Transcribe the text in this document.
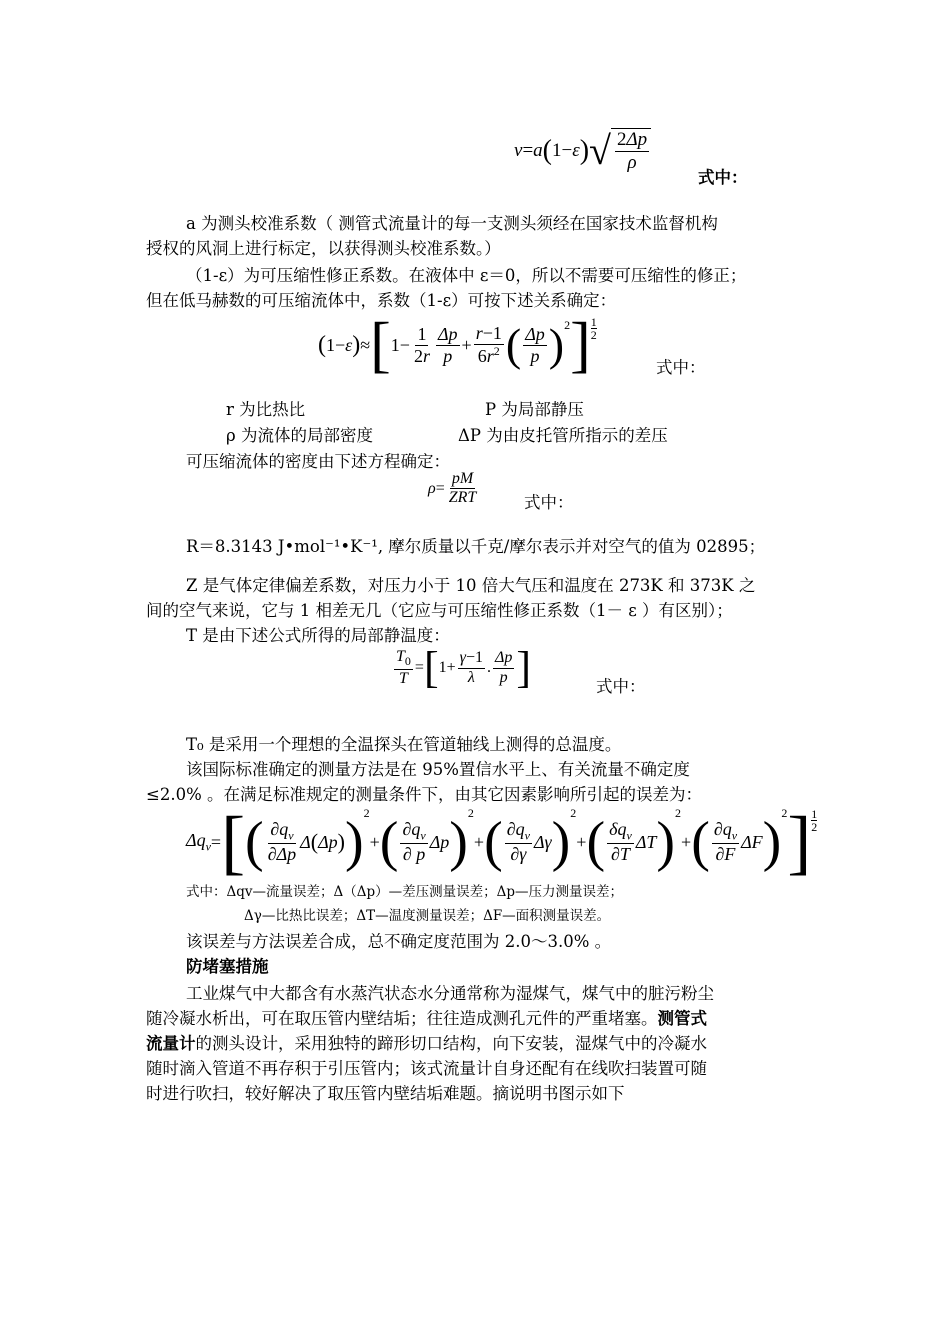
v = a ( 1− ε ) √ $\frac{2\Delta p}{\rho}$
式中：
a 为测头校准系数（ 测管式流量计的每一支测头须经在国家技术监督机构
授权的风洞上进行标定，以获得测头校准系数。）
（1-ε）为可压缩性修正系数。在液体中 ε＝0，所以不需要可压缩性的修正；
但在低马赫数的可压缩流体中，系数（1-ε）可按下述关系确定：
( 1− ε ) ≈ [ $1- \frac{1}{2r} \frac{\Delta p}{p} + \frac{r-1}{6r^2}$ ( $\frac{\Delta p}{p}$ ) 2 ] 1
2
式中：
r 为比热比	P 为局部静压
ρ 为流体的局部密度	ΔP 为由皮托管所指示的差压
可压缩流体的密度由下述方程确定：
$\rho = \frac{pM}{\text{ZRT}}$	式中：
R＝8.3143 J•mol⁻¹•K⁻¹, 摩尔质量以千克/摩尔表示并对空气的值为 02895；
Z 是气体定律偏差系数，对压力小于 10 倍大气压和温度在 273K 和 373K 之
间的空气来说，它与 1 相差无几（它应与可压缩性修正系数（1－ ε ）有区别）；
T 是由下述公式所得的局部静温度：
$\frac{T_0}{T}$ = [ $1+ \frac{\gamma-1}{\lambda}$ . $\frac{\Delta p}{p}$ ]	式中：
T₀ 是采用一个理想的全温探头在管道轴线上测得的总温度。
该国际标准确定的测量方法是在 95%置信水平上、有关流量不确定度
≤2.0% 。在满足标准规定的测量条件下，由其它因素影响所引起的误差为：
$\Delta q_v$ = [ ( $\frac{\partial q_v}{\partial\Delta p}$ Δ ( Δp ) ) 2
+ ( $\frac{\partial q_v}{\partial p}$ Δp ) 2
+ ( $\frac{\partial q_v}{\partial\gamma}$ Δγ ) 2
+ ( $\frac{\delta q_v}{\partial T}$ ΔT ) 2
+ ( $\frac{\partial q_v}{\partial F}$ ΔF ) 2 ] 1
2
式中：Δqv—流量误差；Δ（Δp）—差压测量误差；Δp—压力测量误差；
Δγ—比热比误差；ΔT—温度测量误差；ΔF—面积测量误差。
该误差与方法误差合成，总不确定度范围为 2.0～3.0% 。
防堵塞措施
工业煤气中大都含有水蒸汽状态水分通常称为湿煤气，煤气中的脏污粉尘
随冷凝水析出，可在取压管内壁结垢；往往造成测孔元件的严重堵塞。测管式
流量计的测头设计，采用独特的蹄形切口结构，向下安装，湿煤气中的冷凝水
随时滴入管道不再存积于引压管内；该式流量计自身还配有在线吹扫装置可随
时进行吹扫，较好解决了取压管内壁结垢难题。摘说明书图示如下
